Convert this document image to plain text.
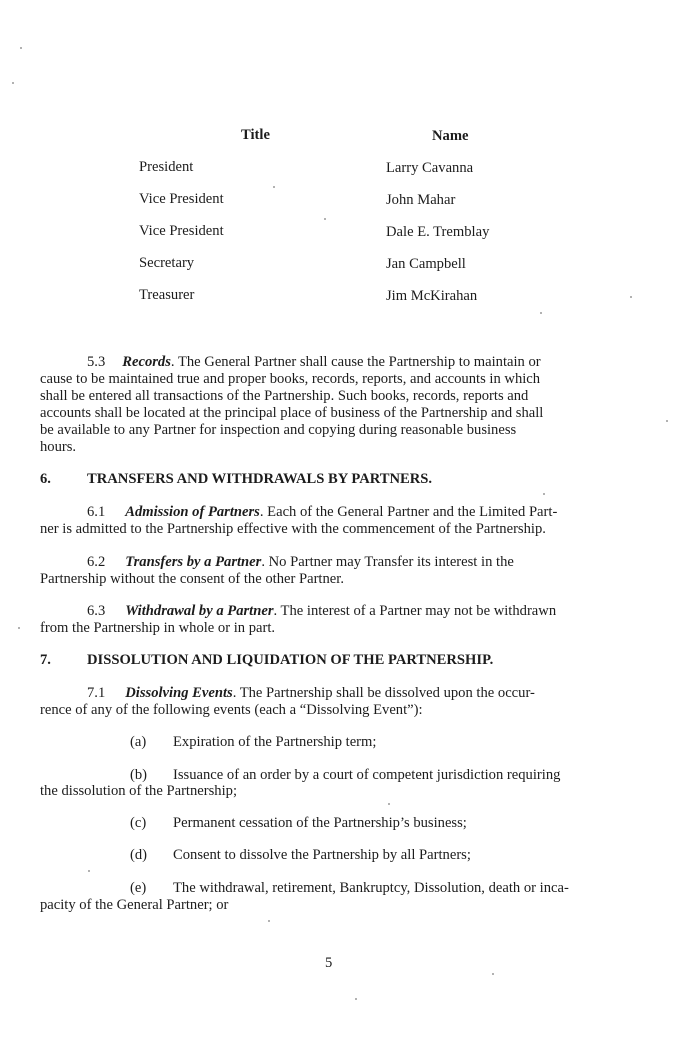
Title	Name
President	Larry Cavanna
Vice President	John Mahar
Vice President	Dale E. Tremblay
Secretary	Jan Campbell
Treasurer	Jim McKirahan
5.3 Records. The General Partner shall cause the Partnership to maintain or
cause to be maintained true and proper books, records, reports, and accounts in which
shall be entered all transactions of the Partnership. Such books, records, reports and
accounts shall be located at the principal place of business of the Partnership and shall
be available to any Partner for inspection and copying during reasonable business
hours.
6. TRANSFERS AND WITHDRAWALS BY PARTNERS.
6.1 Admission of Partners. Each of the General Partner and the Limited Part-
ner is admitted to the Partnership effective with the commencement of the Partnership.
6.2 Transfers by a Partner. No Partner may Transfer its interest in the
Partnership without the consent of the other Partner.
6.3 Withdrawal by a Partner. The interest of a Partner may not be withdrawn
from the Partnership in whole or in part.
7. DISSOLUTION AND LIQUIDATION OF THE PARTNERSHIP.
7.1 Dissolving Events. The Partnership shall be dissolved upon the occur-
rence of any of the following events (each a “Dissolving Event”):
(a) Expiration of the Partnership term;
(b) Issuance of an order by a court of competent jurisdiction requiring
the dissolution of the Partnership;
(c) Permanent cessation of the Partnership’s business;
(d) Consent to dissolve the Partnership by all Partners;
(e) The withdrawal, retirement, Bankruptcy, Dissolution, death or inca-
pacity of the General Partner; or
5
